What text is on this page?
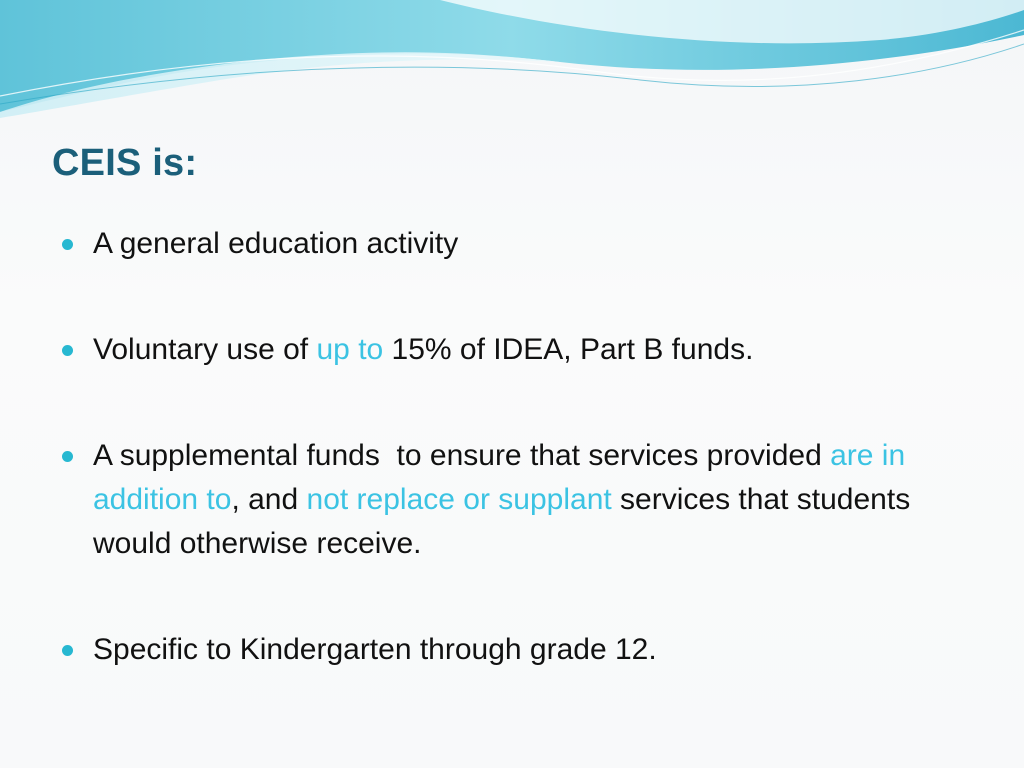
CEIS is:
A general education activity
Voluntary use of up to 15% of IDEA, Part B funds.
A supplemental funds  to ensure that services provided are in addition to, and not replace or supplant services that students would otherwise receive.
Specific to Kindergarten through grade 12.
